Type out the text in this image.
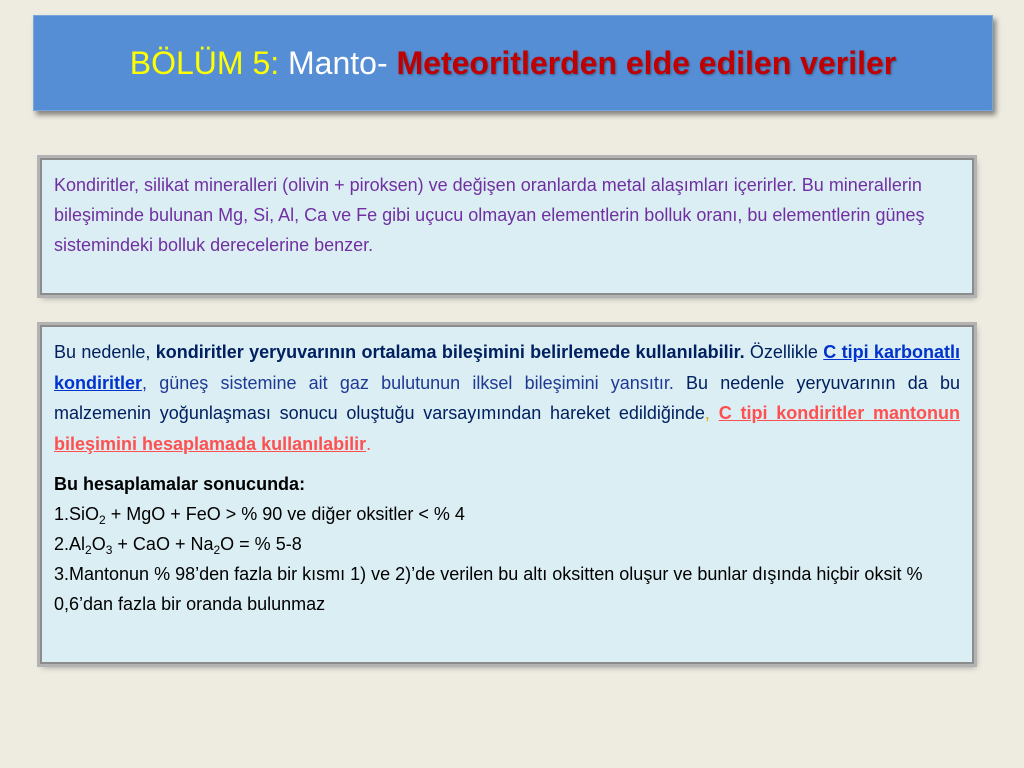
BÖLÜM 5:
Manto-
Meteoritlerden elde edilen veriler

Kondiritler, silikat mineralleri (olivin + piroksen) ve değişen oranlarda metal alaşımları içerirler. Bu minerallerin bileşiminde bulunan Mg, Si, Al, Ca ve Fe gibi uçucu olmayan elementlerin bolluk oranı, bu elementlerin güneş sistemindeki bolluk derecelerine benzer.

Bu nedenle, kondiritler yeryuvarının ortalama bileşimini belirlemede kullanılabilir. Özellikle C tipi karbonatlı kondiritler, güneş sistemine ait gaz bulutunun ilksel bileşimini yansıtır. Bu nedenle yeryuvarının da bu malzemenin yoğunlaşması sonucu oluştuğu varsayımından hareket edildiğinde, C tipi kondiritler mantonun bileşimini hesaplamada kullanılabilir.

Bu hesaplamalar sonucunda:

1.SiO$_2$ + MgO + FeO > % 90 ve diğer oksitler < % 4

$2.Al_2O_3$ + CaO + $Na_2O$ = % 5-8

3.Mantonun % 98’den fazla bir kısmı 1) ve 2)’de verilen bu altı oksitten oluşur ve bunlar dışında hiçbir oksit % 0,6’dan fazla bir oranda bulunmaz
